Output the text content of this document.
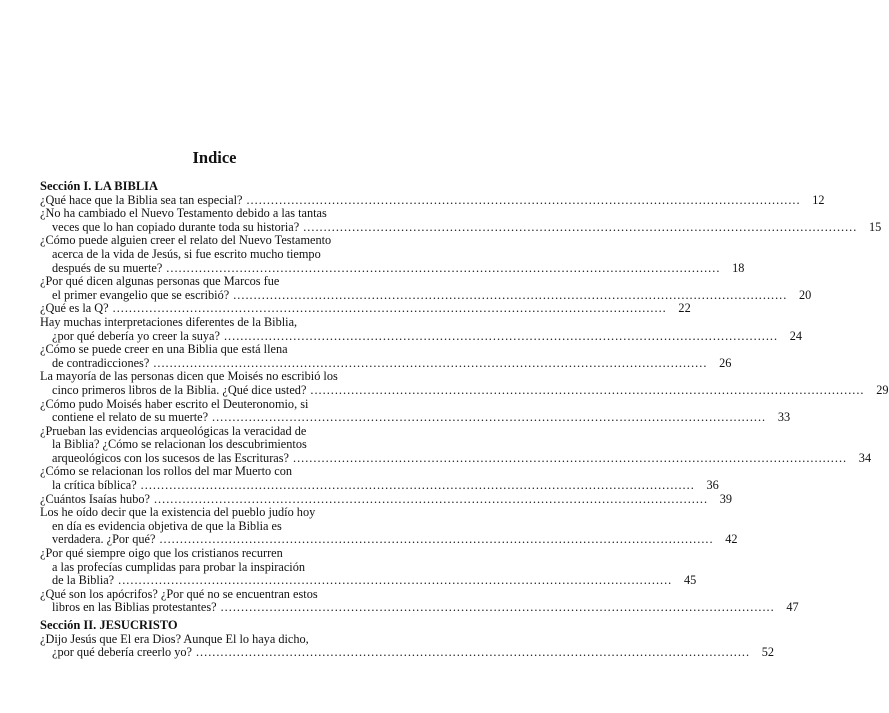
Indice
Sección I. LA BIBLIA
¿Qué hace que la Biblia sea tan especial? .....	12
¿No ha cambiado el Nuevo Testamento debido a las tantas
veces que lo han copiado durante toda su historia? .....	15
¿Cómo puede alguien creer el relato del Nuevo Testamento
acerca de la vida de Jesús, si fue escrito mucho tiempo
después de su muerte? .....	18
¿Por qué dicen algunas personas que Marcos fue
el primer evangelio que se escribió? .....	20
¿Qué es la Q? .....	22
Hay muchas interpretaciones diferentes de la Biblia,
¿por qué debería yo creer la suya? .....	24
¿Cómo se puede creer en una Biblia que está llena
de contradicciones? .....	26
La mayoría de las personas dicen que Moisés no escribió los
cinco primeros libros de la Biblia. ¿Qué dice usted? .....	29
¿Cómo pudo Moisés haber escrito el Deuteronomio, si
contiene el relato de su muerte? .....	33
¿Prueban las evidencias arqueológicas la veracidad de
la Biblia? ¿Cómo se relacionan los descubrimientos
arqueológicos con los sucesos de las Escrituras? .....	34
¿Cómo se relacionan los rollos del mar Muerto con
la crítica bíblica? .....	36
¿Cuántos Isaías hubo? .....	39
Los he oído decir que la existencia del pueblo judío hoy
en día es evidencia objetiva de que la Biblia es
verdadera. ¿Por qué? .....	42
¿Por qué siempre oigo que los cristianos recurren
a las profecías cumplidas para probar la inspiración
de la Biblia? .....	45
¿Qué son los apócrifos? ¿Por qué no se encuentran estos
libros en las Biblias protestantes? .....	47
Sección II. JESUCRISTO
¿Dijo Jesús que El era Dios? Aunque El lo haya dicho,
¿por qué debería creerlo yo? .....	52
